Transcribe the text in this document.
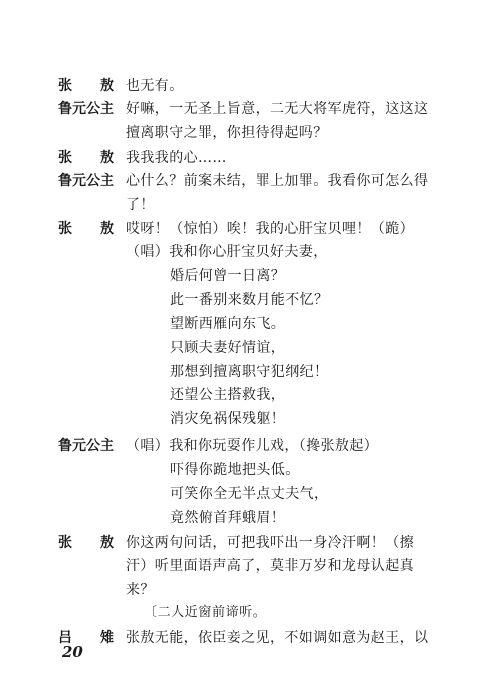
张敖
也无有。
鲁元公主 好嘛，一无圣上旨意，二无大将军虎符，这这这
擅离职守之罪，你担待得起吗？
张敖
我我我的心……
鲁元公主 心什么？前案未结，罪上加罪。我看你可怎么得
了！
张敖
哎呀！（惊怕）唉！我的心肝宝贝哩！（跪）
（唱）我和你心肝宝贝好夫妻，
婚后何曾一日离？
此一番别来数月能不忆？
望断西雁向东飞。
只顾夫妻好情谊，
那想到擅离职守犯纲纪！
还望公主搭救我，
消灾免祸保残躯！
鲁元公主 （唱）我和你玩耍作儿戏，（搀张敖起）
吓得你跪地把头低。
可笑你全无半点丈夫气，
竟然俯首拜蛾眉！
张敖
你这两句问话，可把我吓出一身冷汗啊！（擦
汗）听里面语声高了，莫非万岁和龙母认起真
来？
〔二人近窗前谛听。
吕雉
张敖无能，依臣妾之见，不如调如意为赵王，以
20
